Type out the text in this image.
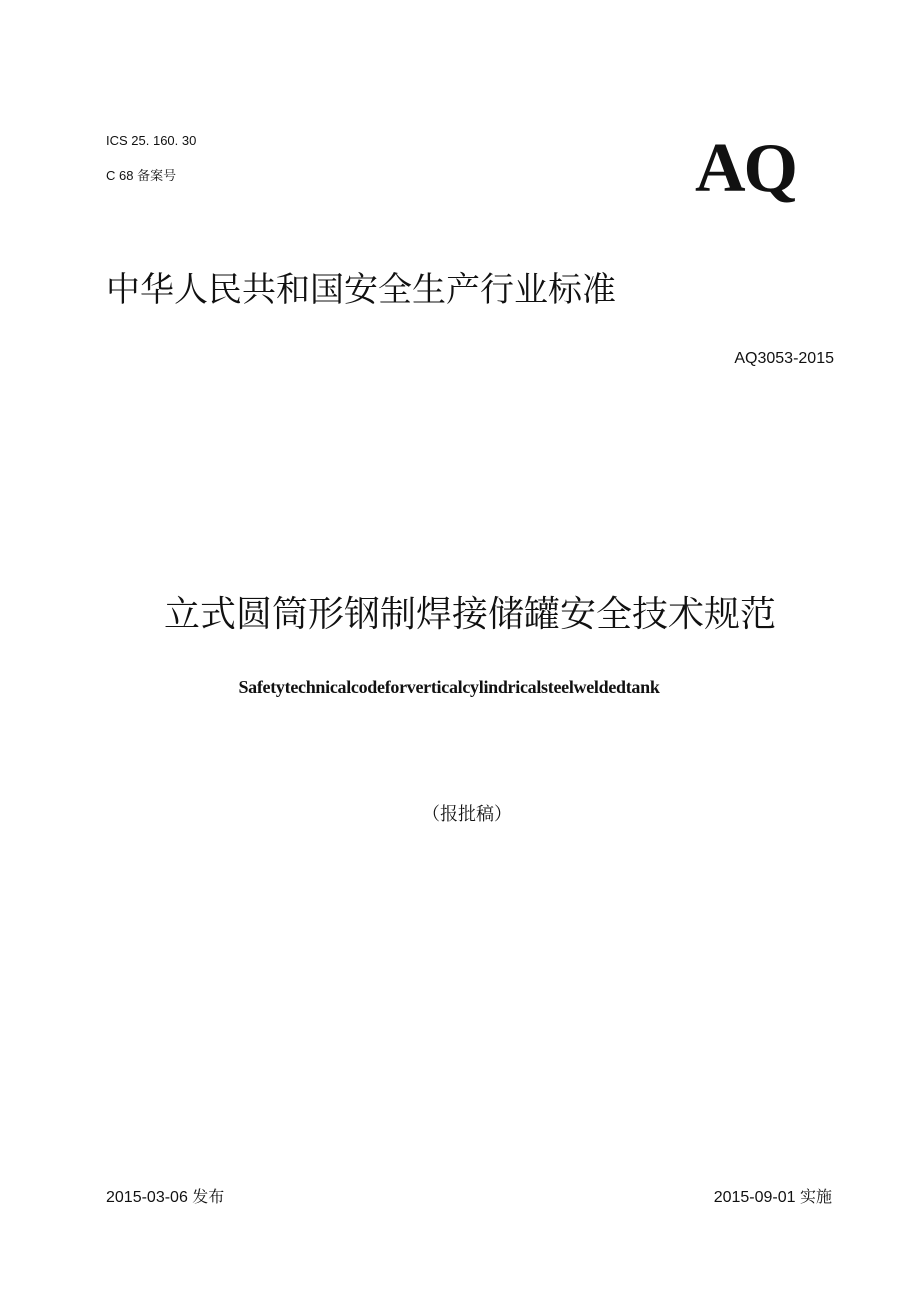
ICS 25. 160. 30
C 68 备案号	AQ
中华人民共和国安全生产行业标准
AQ3053-2015
立式圆筒形钢制焊接储罐安全技术规范
Safetytechnicalcodeforverticalcylindricalsteelweldedtank
（报批稿）
2015-03-06 发布	2015-09-01 实施
